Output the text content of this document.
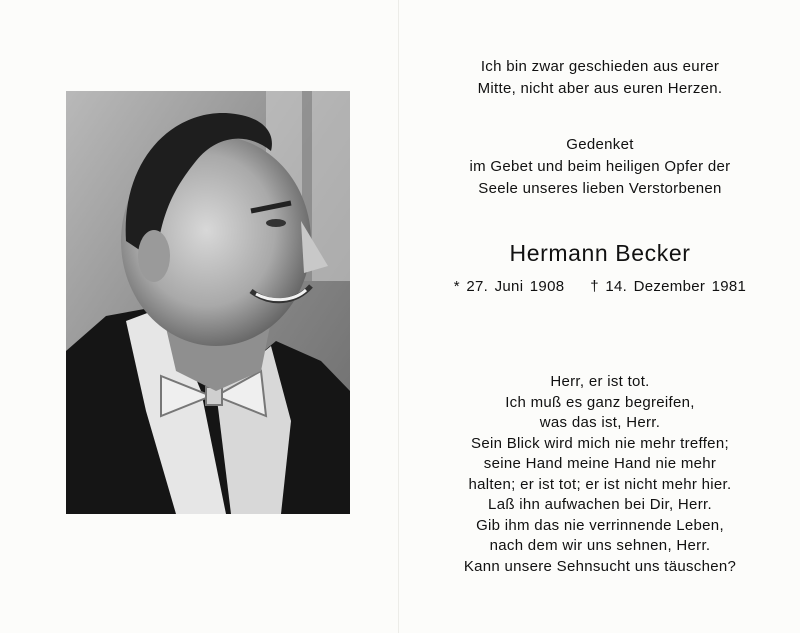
Ich bin zwar geschieden aus eurer
Mitte, nicht aber aus euren Herzen.
Gedenket
im Gebet und beim heiligen Opfer der
Seele unseres lieben Verstorbenen
Hermann Becker
* 27. Juni 1908 † 14. Dezember 1981
Herr, er ist tot.
Ich muß es ganz begreifen,
was das ist, Herr.
Sein Blick wird mich nie mehr treffen;
seine Hand meine Hand nie mehr
halten; er ist tot; er ist nicht mehr hier.
Laß ihn aufwachen bei Dir, Herr.
Gib ihm das nie verrinnende Leben,
nach dem wir uns sehnen, Herr.
Kann unsere Sehnsucht uns täuschen?
